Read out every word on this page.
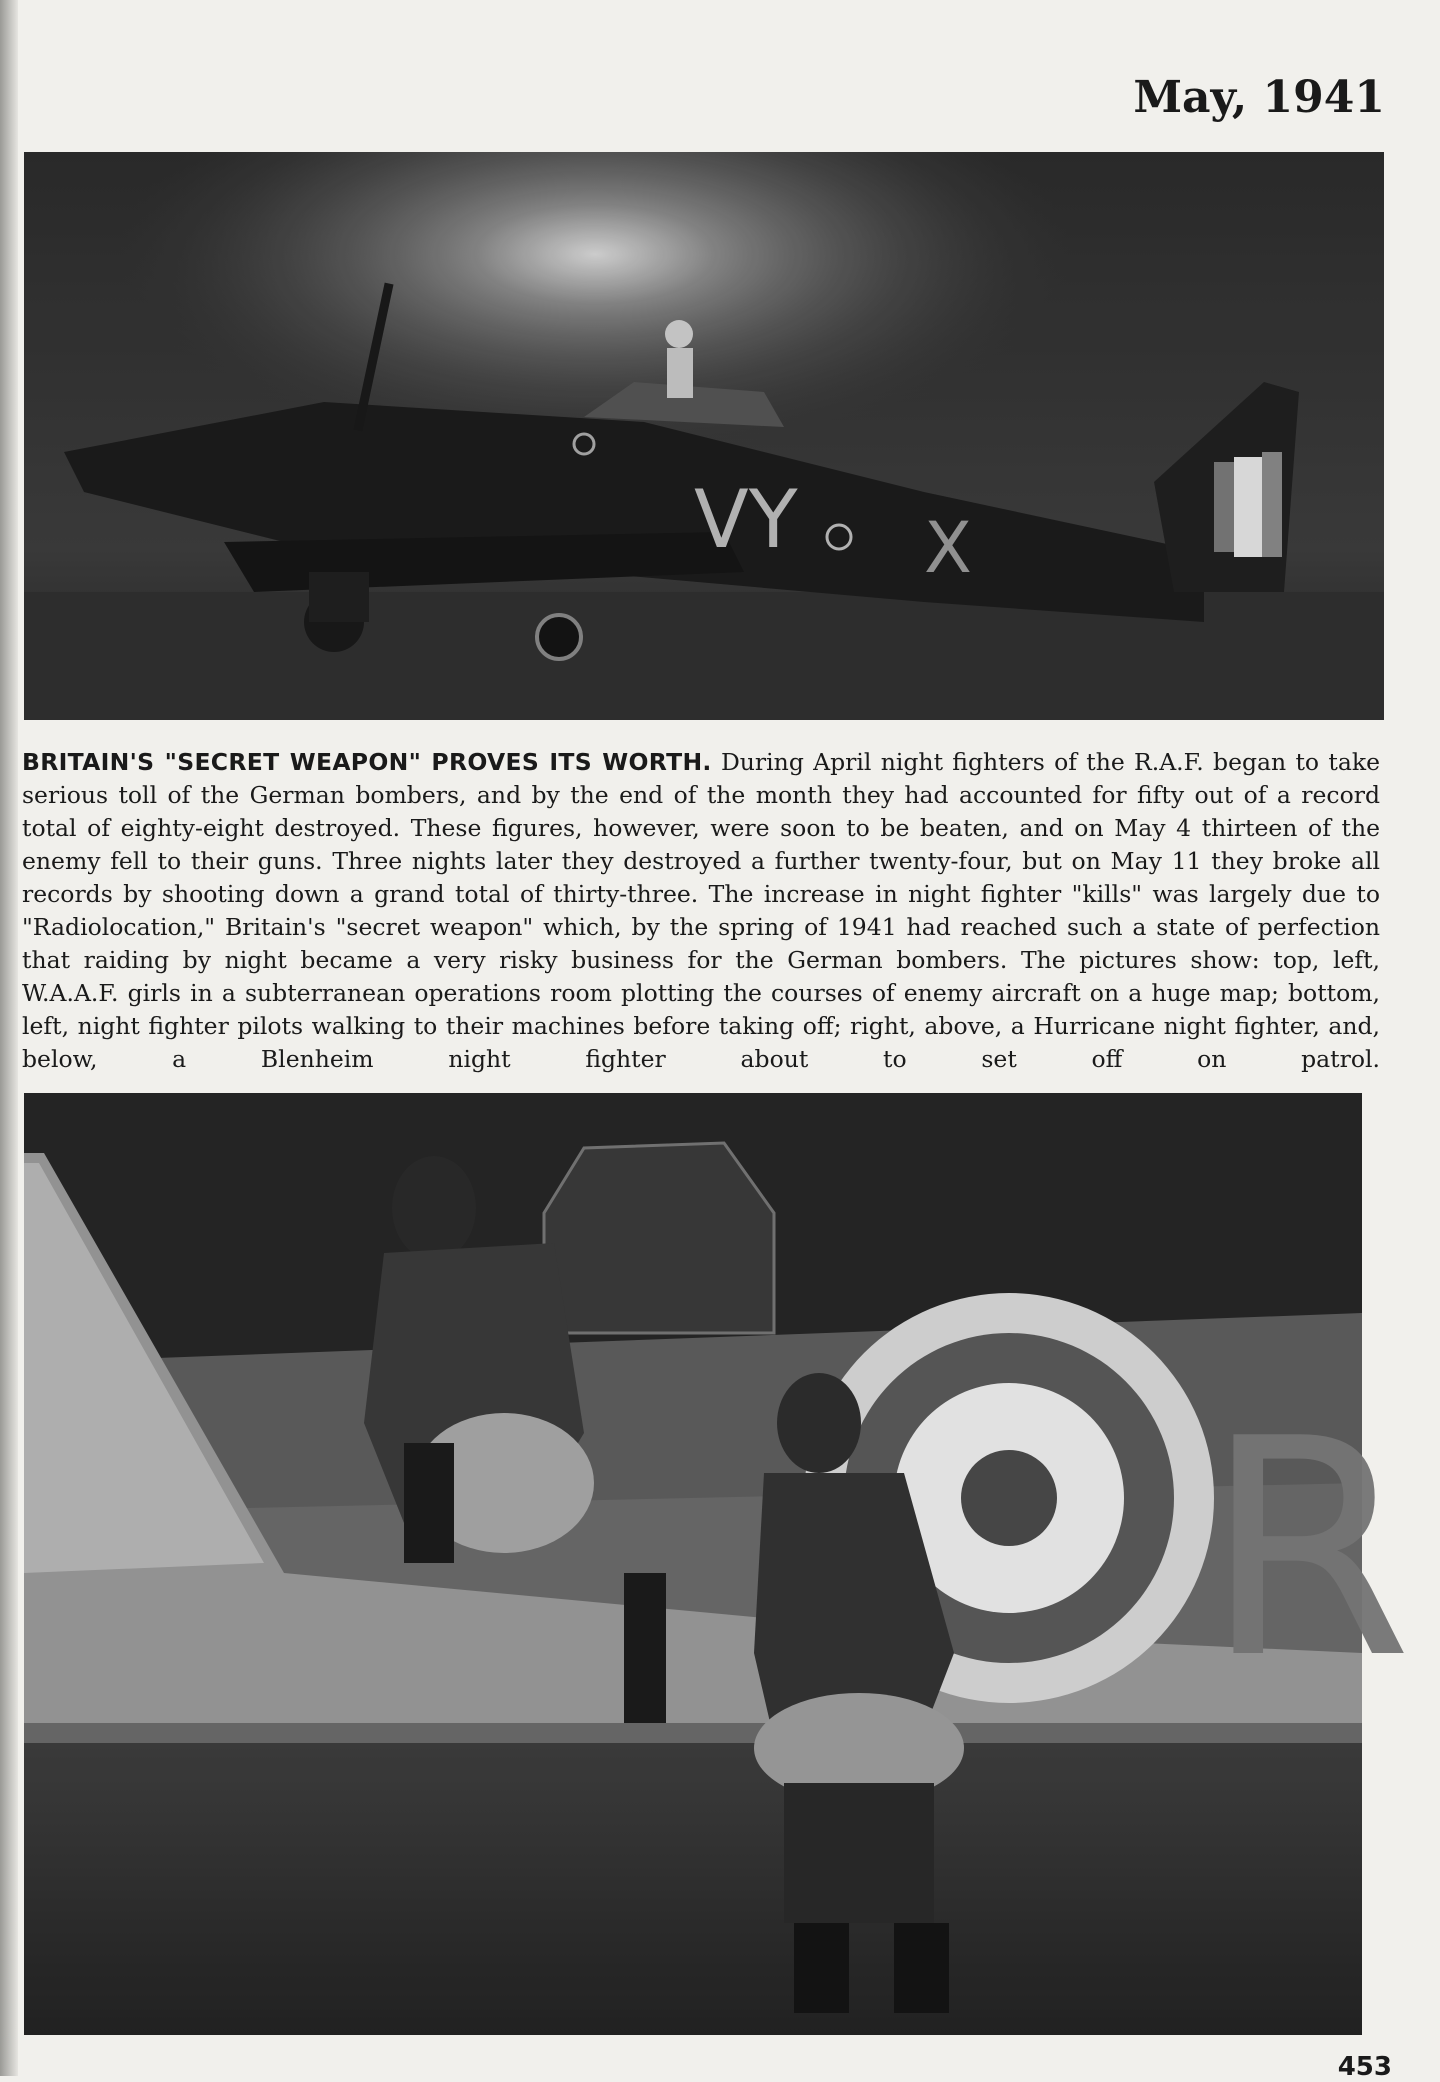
May, 1941
VY X

BRITAIN'S "SECRET WEAPON" PROVES ITS WORTH. During April night fighters of the R.A.F. began to take serious toll of the German bombers, and by the end of the month they had accounted for fifty out of a record total of eighty-eight destroyed. These figures, however, were soon to be beaten, and on May 4 thirteen of the enemy fell to their guns. Three nights later they destroyed a further twenty-four, but on May 11 they broke all records by shooting down a grand total of thirty-three. The increase in night fighter "kills" was largely due to "Radiolocation," Britain's "secret weapon" which, by the spring of 1941 had reached such a state of perfection that raiding by night became a very risky business for the German bombers. The pictures show: top, left, W.A.A.F. girls in a subterranean operations room plotting the courses of enemy aircraft on a huge map; bottom, left, night fighter pilots walking to their machines before taking off; right, above, a Hurricane night fighter, and, below, a Blenheim night fighter about to set off on patrol.

R
453
